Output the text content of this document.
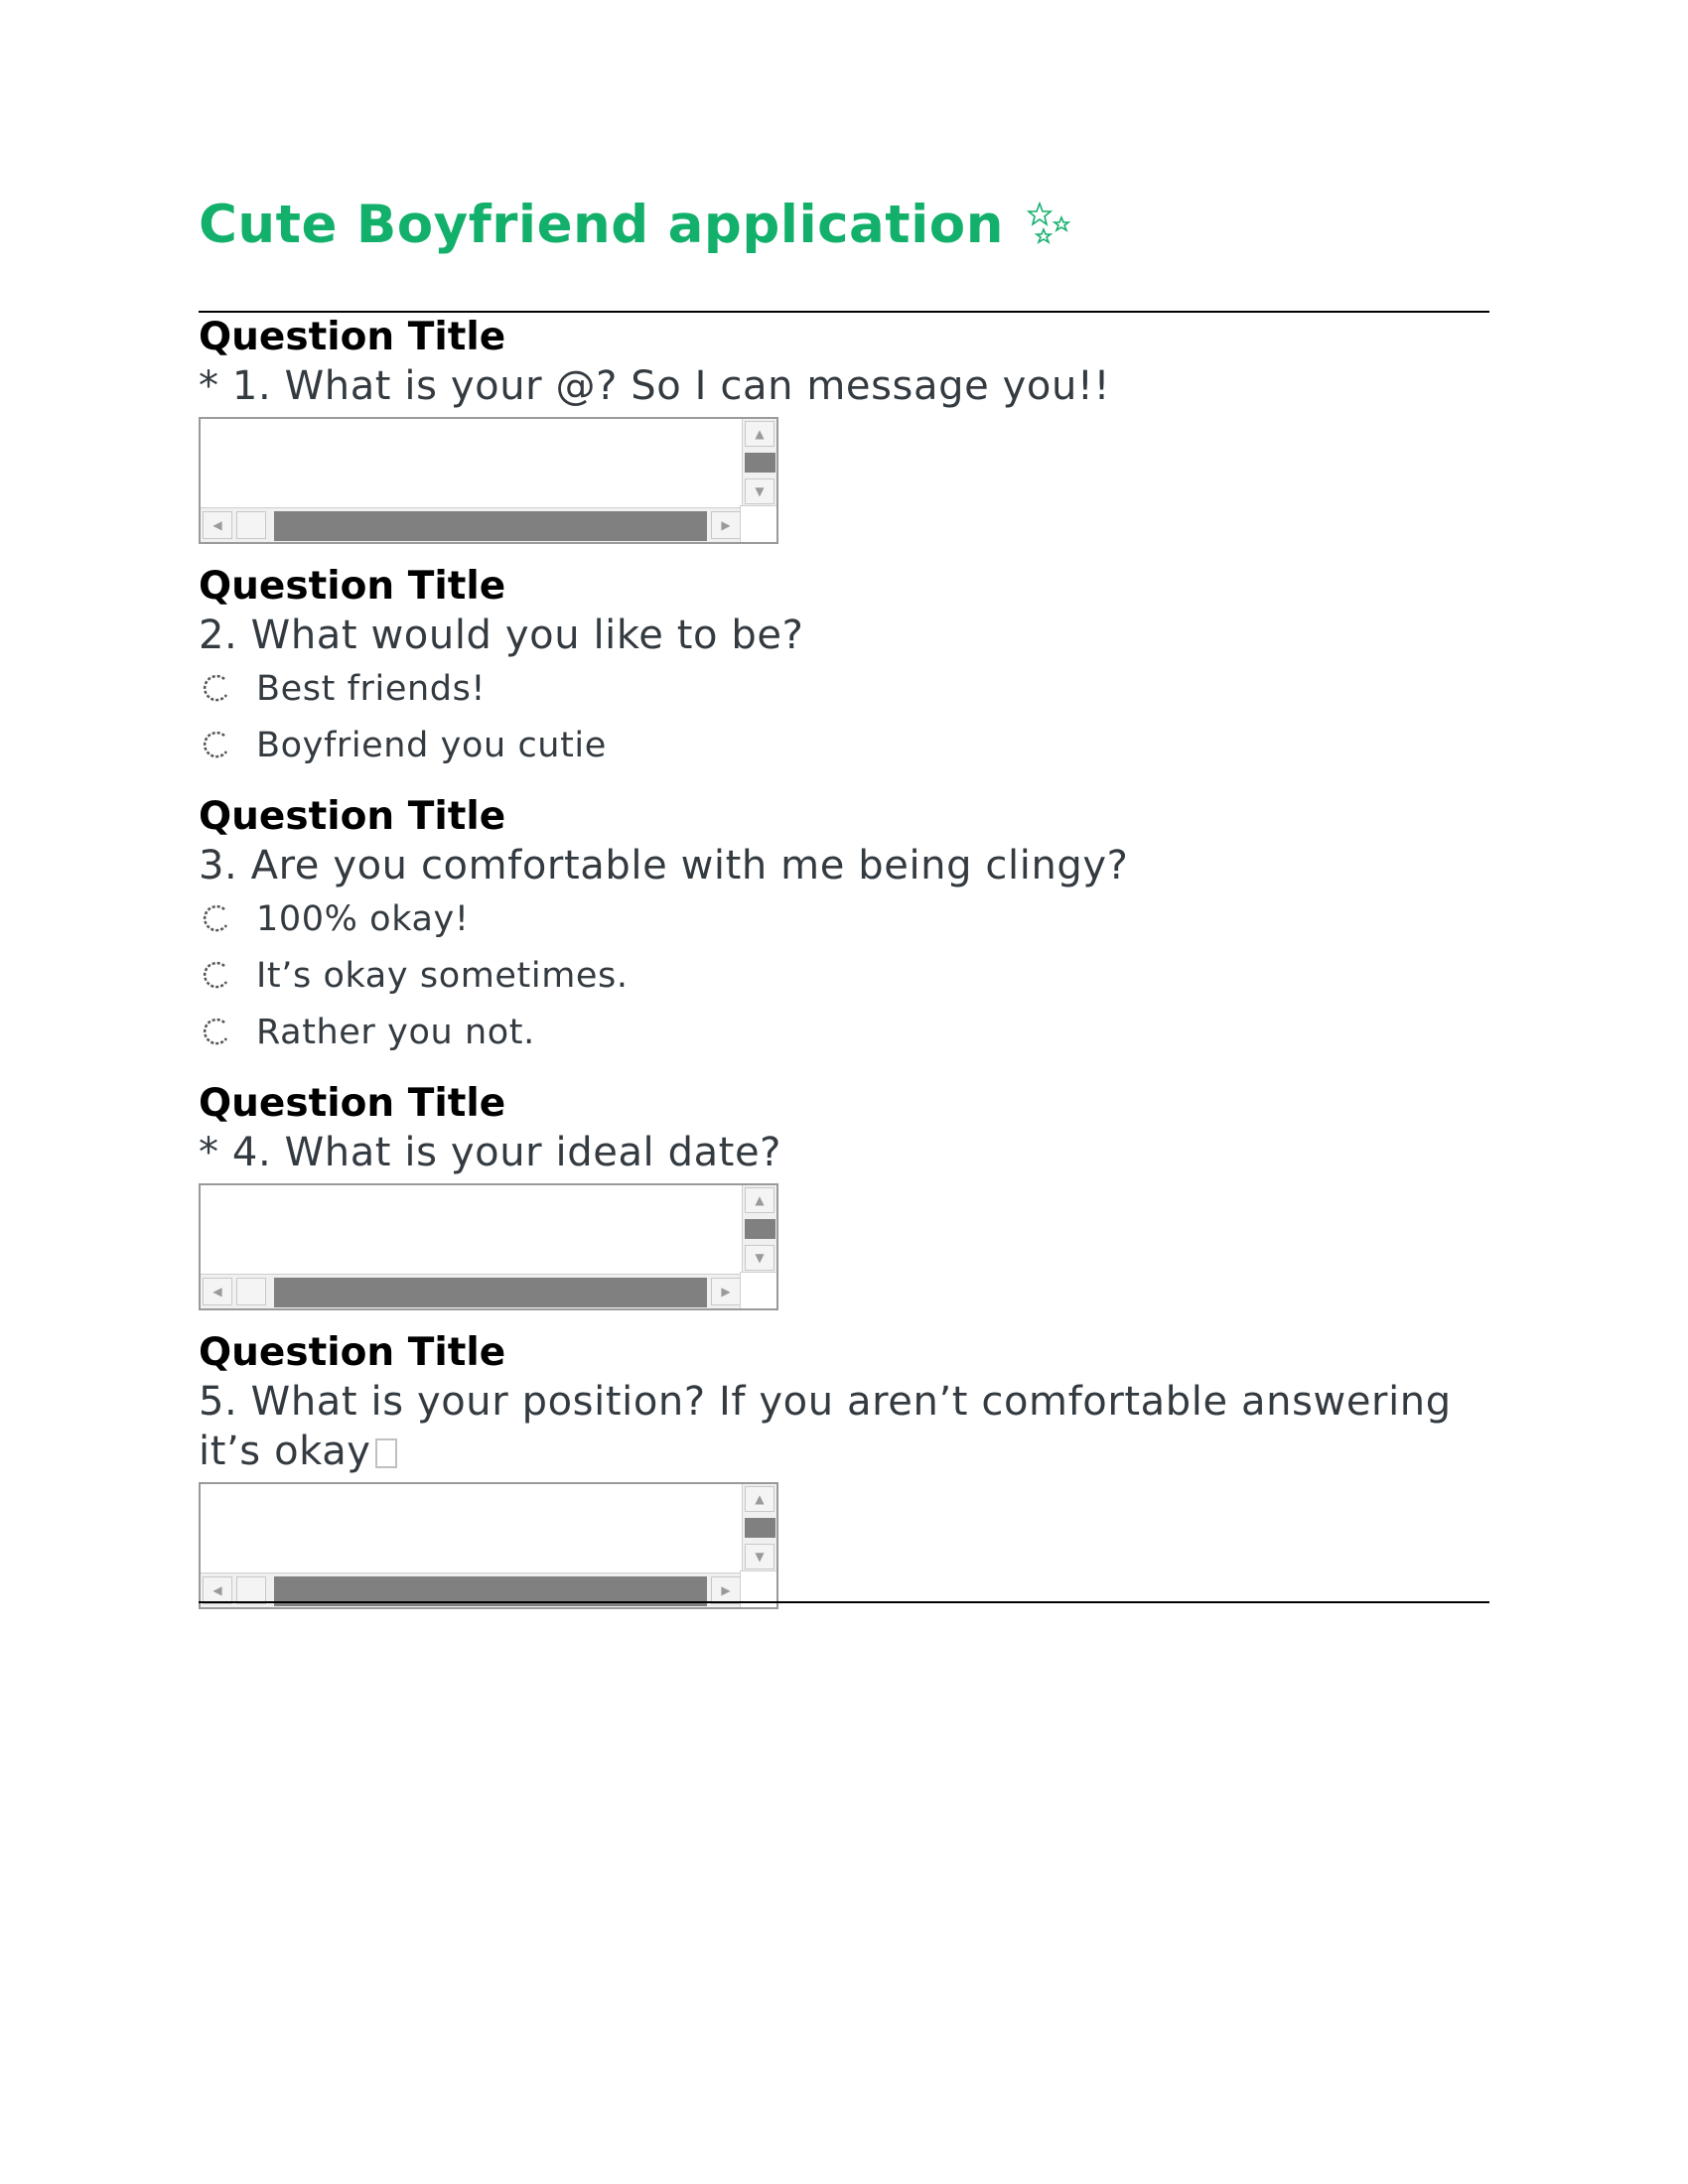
Cute Boyfriend application

Question Title

* 1. What is your @? So I can message you!!

▲
▼
◀	▶

Question Title

2. What would you like to be?

Best friends!
Boyfriend you cutie

Question Title

3. Are you comfortable with me being clingy?

100% okay!
It’s okay sometimes.
Rather you not.

Question Title

* 4. What is your ideal date?

▲
▼
◀	▶

Question Title

5. What is your position? If you aren’t comfortable answering

it’s okay

▲
▼
◀	▶
